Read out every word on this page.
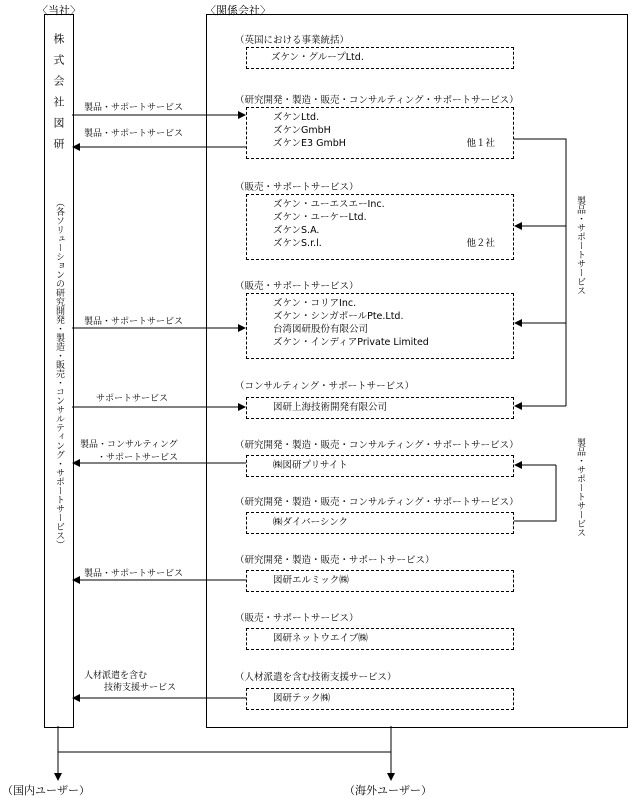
〈当社〉	〈関係会社〉
株式会社図研
（各ソリューションの研究開発・製造・販売・コンサルティング・サポートサービス）
（英国における事業統括）
ズケン・グループLtd.
（研究開発・製造・販売・コンサルティング・サポートサービス）
ズケンLtd.
ズケンGmbH
ズケンE3 GmbH	他１社
（販売・サポートサービス）
ズケン・ユーエスエーInc.
ズケン・ユーケーLtd.
ズケンS.A.
ズケンS.r.l.	他２社
（販売・サポートサービス）
ズケン・コリアInc.
ズケン・シンガポールPte.Ltd.
台湾図研股份有限公司
ズケン・インディアPrivate Limited
（コンサルティング・サポートサービス）
図研上海技術開発有限公司
（研究開発・製造・販売・コンサルティング・サポートサービス）
㈱図研プリサイト
（研究開発・製造・販売・コンサルティング・サポートサービス）
㈱ダイバーシンク
（研究開発・製造・販売・サポートサービス）
図研エルミック㈱
（販売・サポートサービス）
図研ネットウエイブ㈱
（人材派遣を含む技術支援サービス）
図研テック㈱
製品・サポートサービス
製品・サポートサービス
製品・サポートサービス
サポートサービス
製品・コンサルティング
・サポートサービス
製品・サポートサービス
人材派遣を含む
技術支援サービス
製品・サポートサービス
製品・サポートサービス
（国内ユーザー）	（海外ユーザー）
